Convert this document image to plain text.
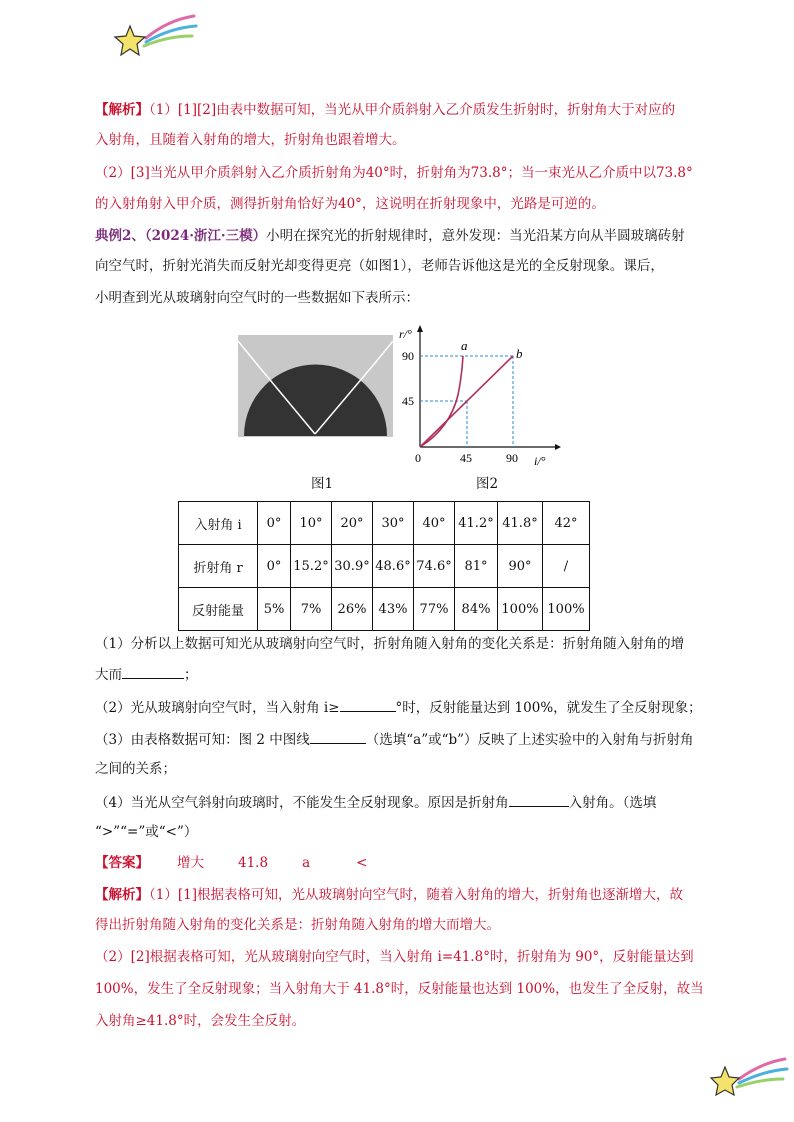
【解析】（1）[1][2]由表中数据可知，当光从甲介质斜射入乙介质发生折射时，折射角大于对应的
入射角，且随着入射角的增大，折射角也跟着增大。
（2）[3]当光从甲介质斜射入乙介质折射角为40°时，折射角为73.8°；当一束光从乙介质中以73.8°
的入射角射入甲介质，测得折射角恰好为40°，这说明在折射现象中，光路是可逆的。
典例2、（2024·浙江·三模）小明在探究光的折射规律时，意外发现：当光沿某方向从半圆玻璃砖射
向空气时，折射光消失而反射光却变得更亮（如图1），老师告诉他这是光的全反射现象。课后，
小明查到光从玻璃射向空气时的一些数据如下表所示：
图1
r/°
i/°
0	45	90
90
45
a
b
图2
入射角 i	0°	10°	20°	30°	40°	41.2°	41.8°	42°
折射角 r	0°	15.2°	30.9°	48.6°	74.6°	81°	90°	/
反射能量	5%	7%	26%	43%	77%	84%	100%	100%
（1）分析以上数据可知光从玻璃射向空气时，折射角随入射角的变化关系是：折射角随入射角的增
大而	；
（2）光从玻璃射向空气时，当入射角 i≥	°时，反射能量达到 100%，就发生了全反射现象；
（3）由表格数据可知：图 2 中图线	（选填“a”或“b”）反映了上述实验中的入射角与折射角
之间的关系；
（4）当光从空气斜射向玻璃时，不能发生全反射现象。原因是折射角	入射角。（选填
“>”“=”或“<”）
【答案】 增大	41.8	a	<
【解析】（1）[1]根据表格可知，光从玻璃射向空气时，随着入射角的增大，折射角也逐渐增大，故
得出折射角随入射角的变化关系是：折射角随入射角的增大而增大。
（2）[2]根据表格可知，光从玻璃射向空气时，当入射角 i=41.8°时，折射角为 90°，反射能量达到
100%，发生了全反射现象；当入射角大于 41.8°时，反射能量也达到 100%，也发生了全反射，故当
入射角≥41.8°时，会发生全反射。
